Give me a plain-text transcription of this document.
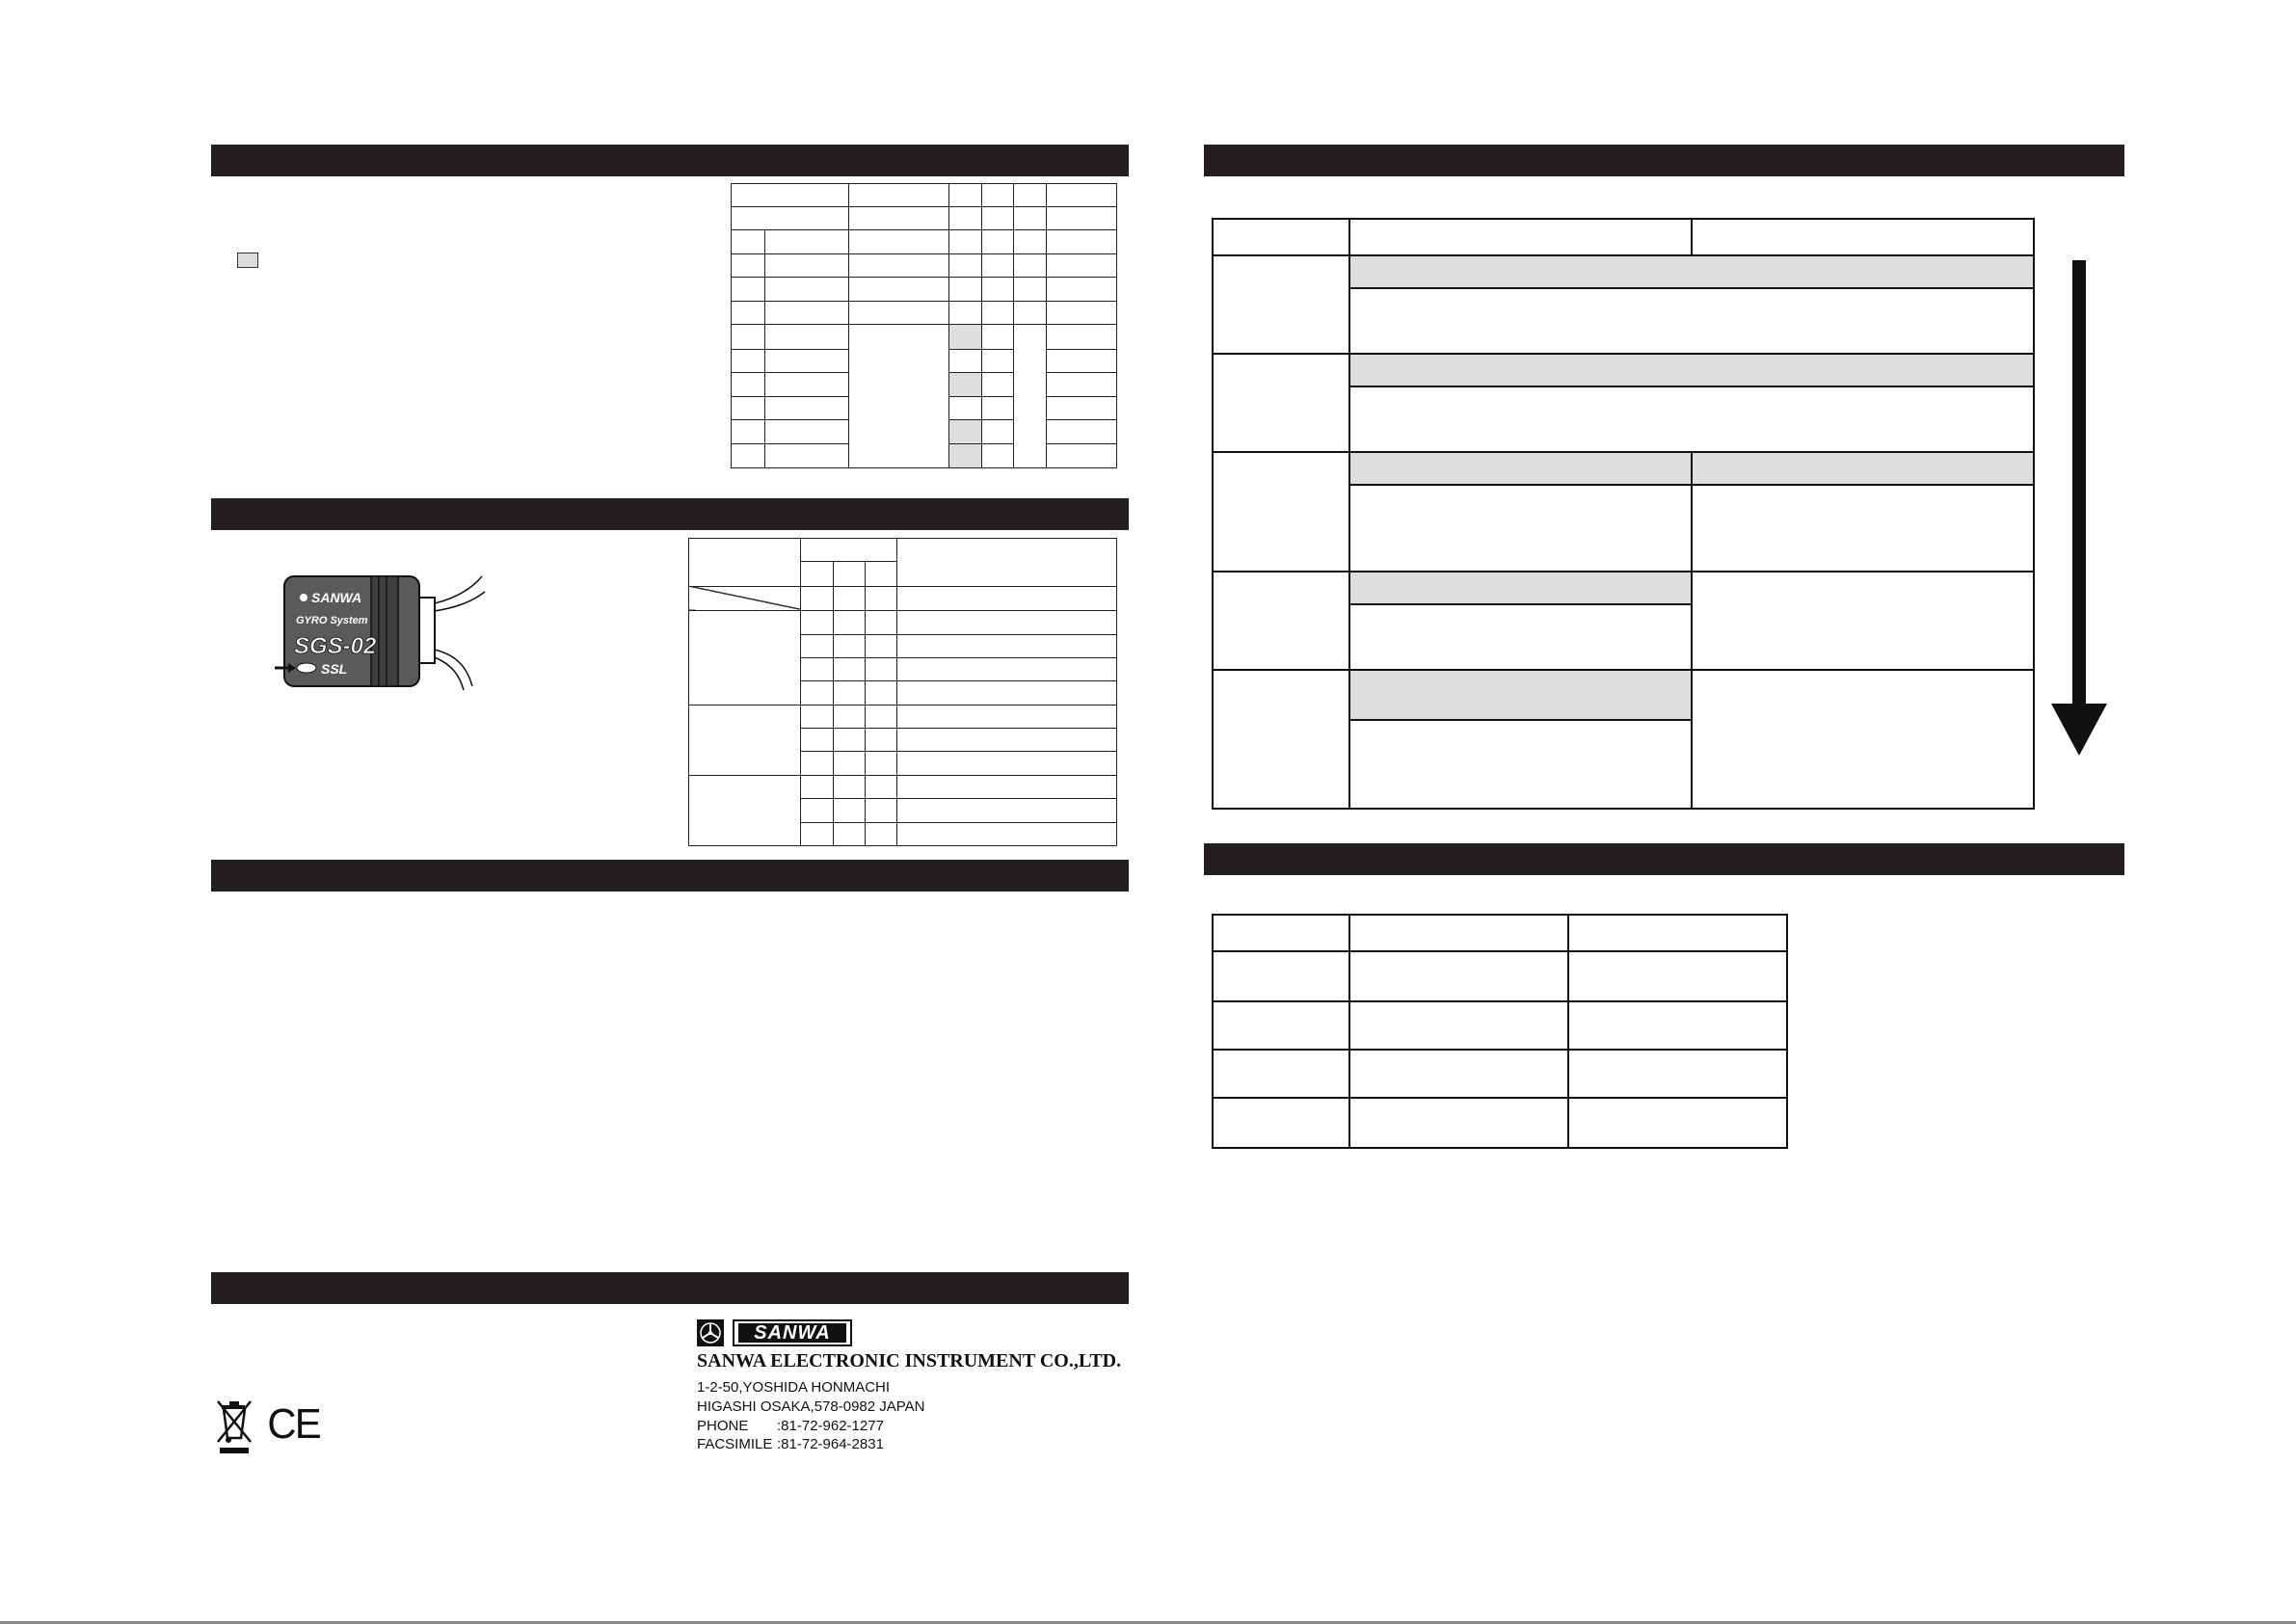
SANWA
GYRO System
SGS-02
SSL

CE
SANWA
SANWA ELECTRONIC INSTRUMENT CO.,LTD.
1-2-50,YOSHIDA HONMACHI
HIGASHI OSAKA,578-0982 JAPAN
PHONE :81-72-962-1277
FACSIMILE :81-72-964-2831
